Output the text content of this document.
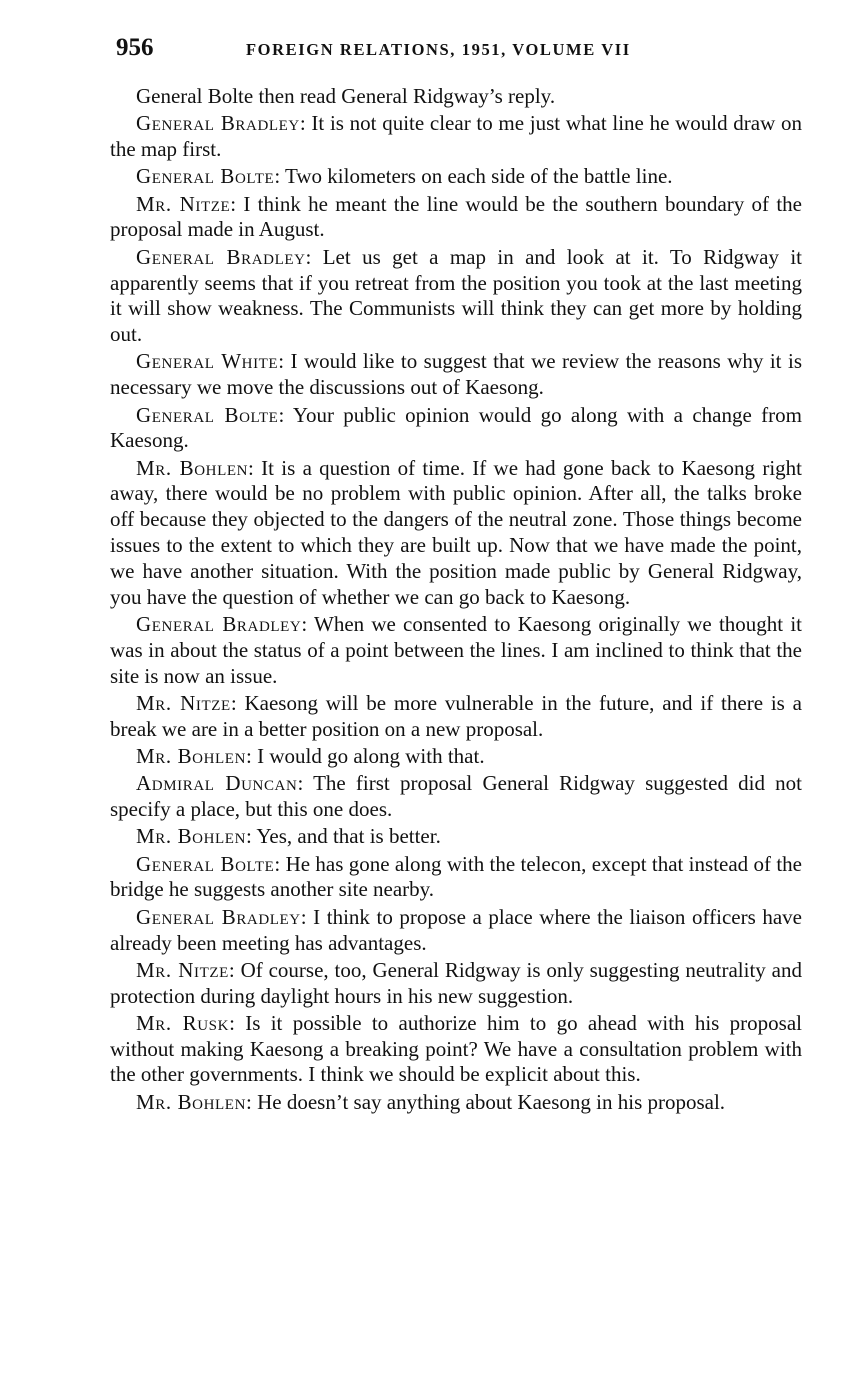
956	FOREIGN RELATIONS, 1951, VOLUME VII

General Bolte then read General Ridgway’s reply.

General Bradley: It is not quite clear to me just what line he would draw on the map first.

General Bolte: Two kilometers on each side of the battle line.

Mr. Nitze: I think he meant the line would be the southern boundary of the proposal made in August.

General Bradley: Let us get a map in and look at it. To Ridgway it apparently seems that if you retreat from the position you took at the last meeting it will show weakness. The Communists will think they can get more by holding out.

General White: I would like to suggest that we review the reasons why it is necessary we move the discussions out of Kaesong.

General Bolte: Your public opinion would go along with a change from Kaesong.

Mr. Bohlen: It is a question of time. If we had gone back to Kaesong right away, there would be no problem with public opinion. After all, the talks broke off because they objected to the dangers of the neutral zone. Those things become issues to the extent to which they are built up. Now that we have made the point, we have another situation. With the position made public by General Ridgway, you have the question of whether we can go back to Kaesong.

General Bradley: When we consented to Kaesong originally we thought it was in about the status of a point between the lines. I am inclined to think that the site is now an issue.

Mr. Nitze: Kaesong will be more vulnerable in the future, and if there is a break we are in a better position on a new proposal.

Mr. Bohlen: I would go along with that.

Admiral Duncan: The first proposal General Ridgway suggested did not specify a place, but this one does.

Mr. Bohlen: Yes, and that is better.

General Bolte: He has gone along with the telecon, except that instead of the bridge he suggests another site nearby.

General Bradley: I think to propose a place where the liaison officers have already been meeting has advantages.

Mr. Nitze: Of course, too, General Ridgway is only suggesting neutrality and protection during daylight hours in his new suggestion.

Mr. Rusk: Is it possible to authorize him to go ahead with his proposal without making Kaesong a breaking point? We have a consultation problem with the other governments. I think we should be explicit about this.

Mr. Bohlen: He doesn’t say anything about Kaesong in his proposal.
